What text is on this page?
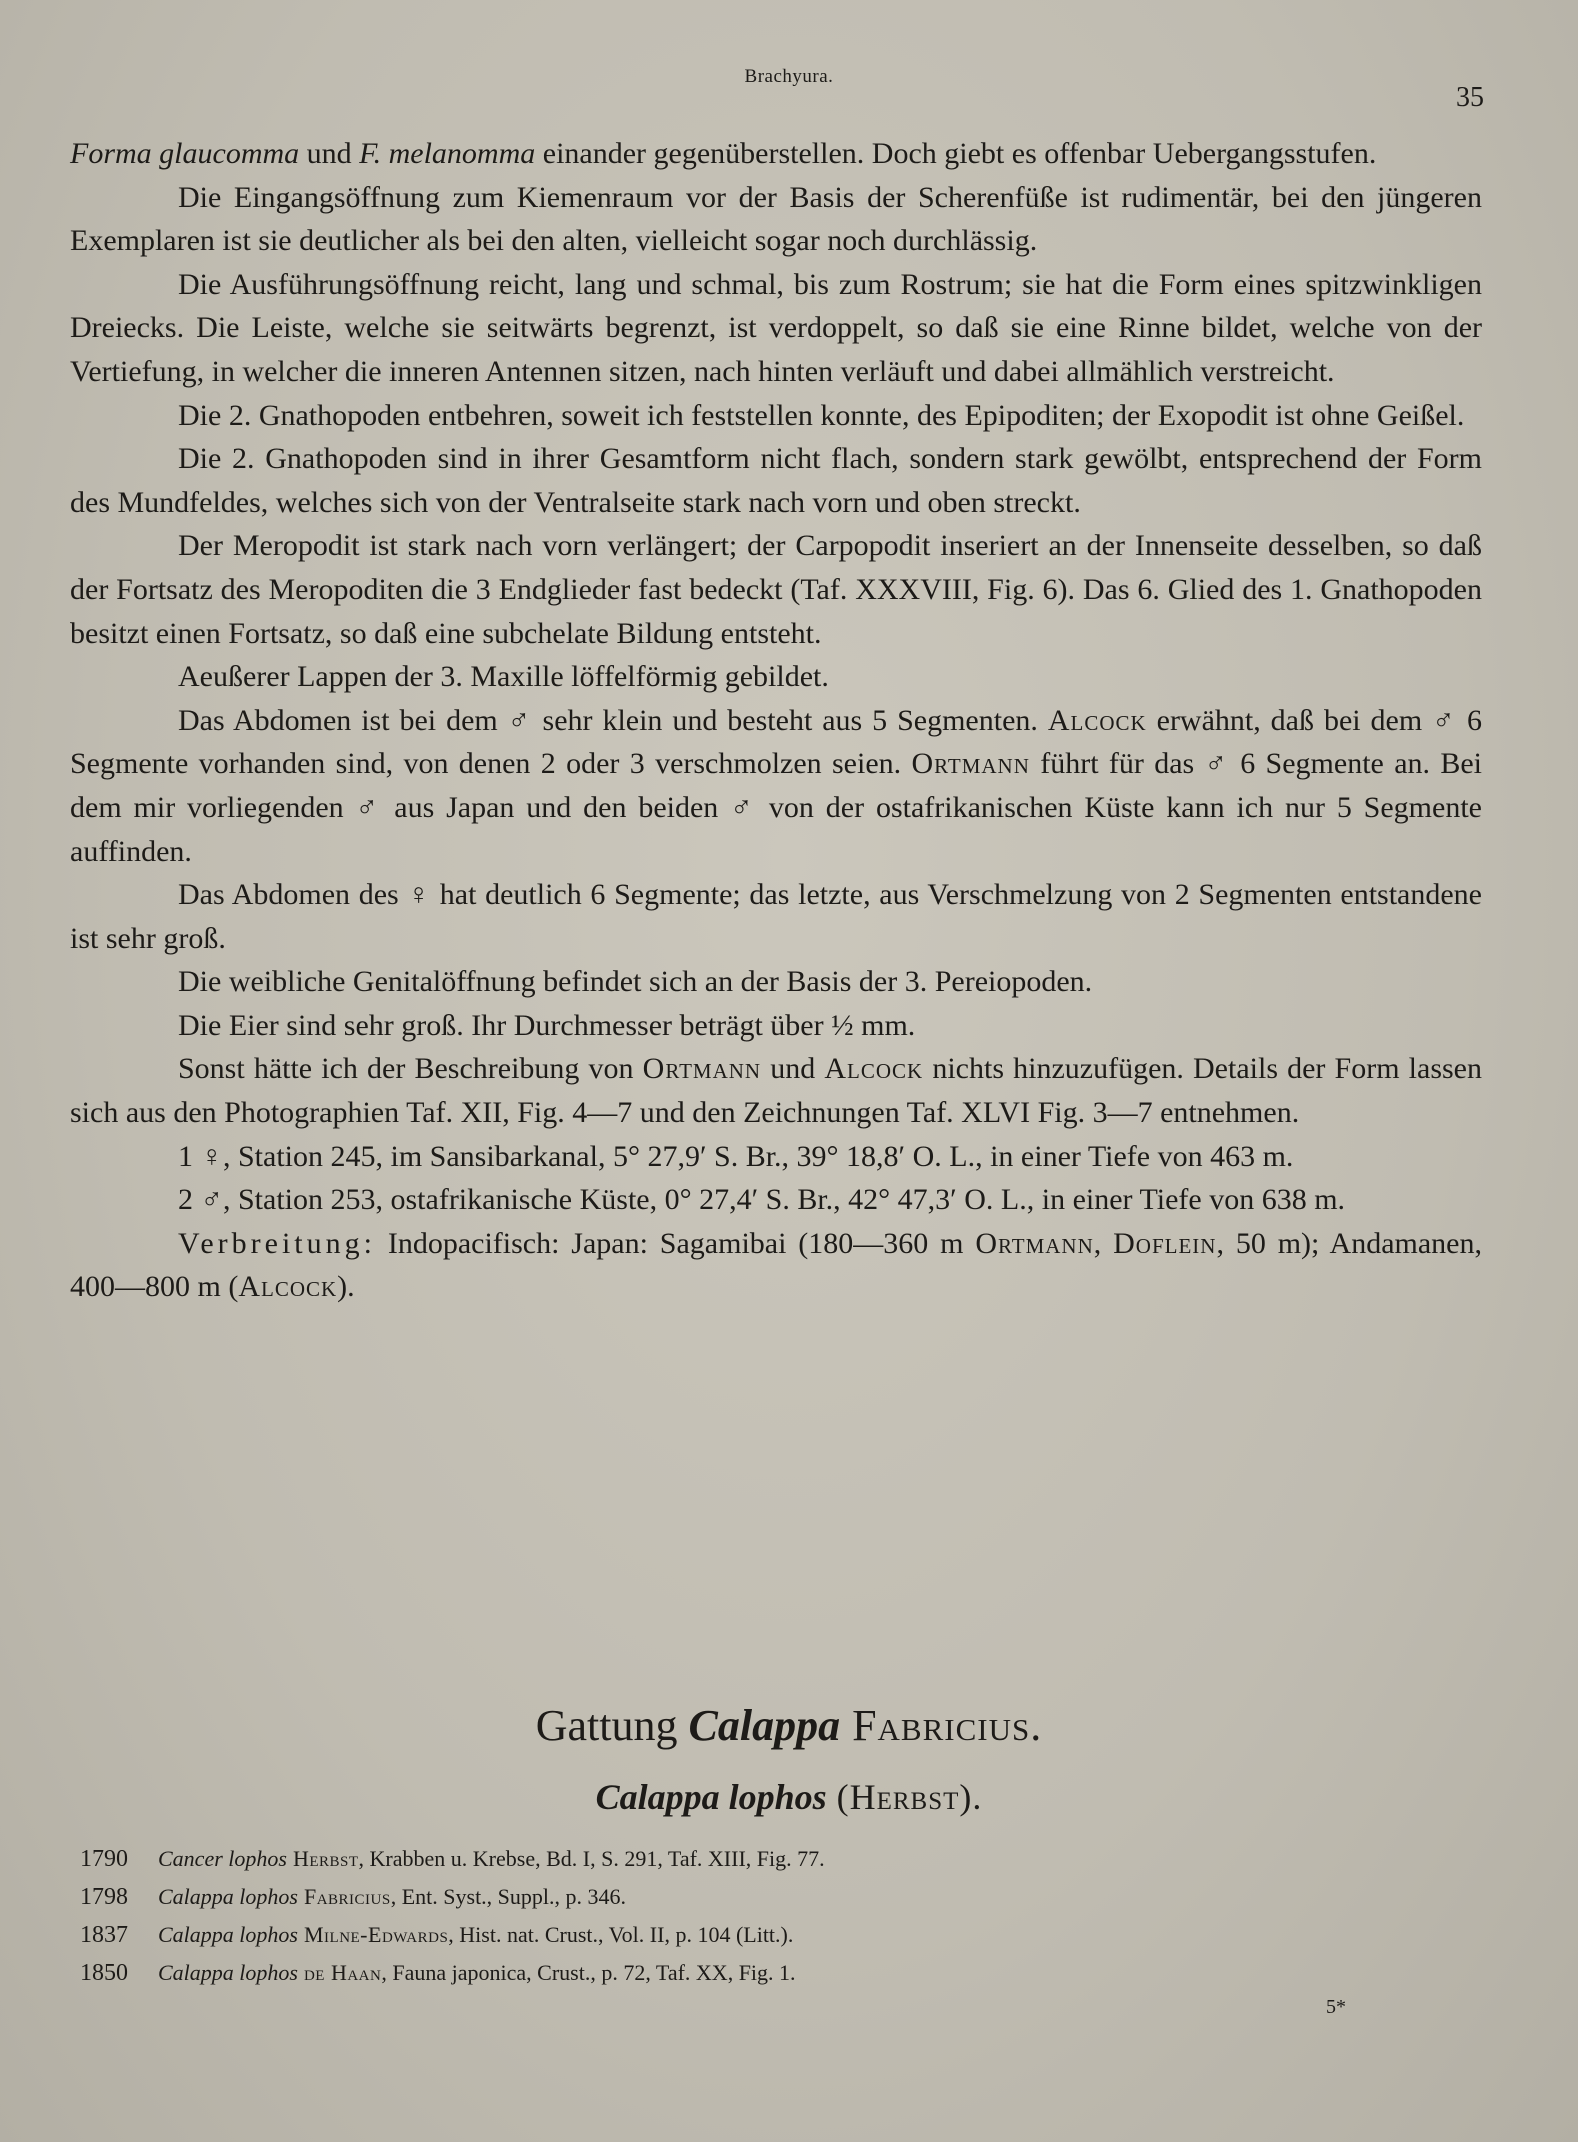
Brachyura.
35

Forma glaucomma und F. melanomma einander gegenüberstellen. Doch giebt es offenbar Uebergangsstufen.

Die Eingangsöffnung zum Kiemenraum vor der Basis der Scherenfüße ist rudimentär, bei den jüngeren Exemplaren ist sie deutlicher als bei den alten, vielleicht sogar noch durchlässig.

Die Ausführungsöffnung reicht, lang und schmal, bis zum Rostrum; sie hat die Form eines spitzwinkligen Dreiecks. Die Leiste, welche sie seitwärts begrenzt, ist verdoppelt, so daß sie eine Rinne bildet, welche von der Vertiefung, in welcher die inneren Antennen sitzen, nach hinten verläuft und dabei allmählich verstreicht.

Die 2. Gnathopoden entbehren, soweit ich feststellen konnte, des Epipoditen; der Exopodit ist ohne Geißel.

Die 2. Gnathopoden sind in ihrer Gesamtform nicht flach, sondern stark gewölbt, entsprechend der Form des Mundfeldes, welches sich von der Ventralseite stark nach vorn und oben streckt.

Der Meropodit ist stark nach vorn verlängert; der Carpopodit inseriert an der Innenseite desselben, so daß der Fortsatz des Meropoditen die 3 Endglieder fast bedeckt (Taf. XXXVIII, Fig. 6). Das 6. Glied des 1. Gnathopoden besitzt einen Fortsatz, so daß eine subchelate Bildung entsteht.

Aeußerer Lappen der 3. Maxille löffelförmig gebildet.

Das Abdomen ist bei dem ♂ sehr klein und besteht aus 5 Segmenten. Alcock erwähnt, daß bei dem ♂ 6 Segmente vorhanden sind, von denen 2 oder 3 verschmolzen seien. Ortmann führt für das ♂ 6 Segmente an. Bei dem mir vorliegenden ♂ aus Japan und den beiden ♂ von der ostafrikanischen Küste kann ich nur 5 Segmente auffinden.

Das Abdomen des ♀ hat deutlich 6 Segmente; das letzte, aus Verschmelzung von 2 Segmenten entstandene ist sehr groß.

Die weibliche Genitalöffnung befindet sich an der Basis der 3. Pereiopoden.

Die Eier sind sehr groß. Ihr Durchmesser beträgt über ½ mm.

Sonst hätte ich der Beschreibung von Ortmann und Alcock nichts hinzuzufügen. Details der Form lassen sich aus den Photographien Taf. XII, Fig. 4—7 und den Zeichnungen Taf. XLVI Fig. 3—7 entnehmen.

1 ♀, Station 245, im Sansibarkanal, 5° 27,9′ S. Br., 39° 18,8′ O. L., in einer Tiefe von 463 m.

2 ♂, Station 253, ostafrikanische Küste, 0° 27,4′ S. Br., 42° 47,3′ O. L., in einer Tiefe von 638 m.

Verbreitung: Indopacifisch: Japan: Sagamibai (180—360 m Ortmann, Doflein, 50 m); Andamanen, 400—800 m (Alcock).

Gattung Calappa Fabricius.
Calappa lophos (Herbst).
1790 Cancer lophos Herbst, Krabben u. Krebse, Bd. I, S. 291, Taf. XIII, Fig. 77.
1798 Calappa lophos Fabricius, Ent. Syst., Suppl., p. 346.
1837 Calappa lophos Milne-Edwards, Hist. nat. Crust., Vol. II, p. 104 (Litt.).
1850 Calappa lophos de Haan, Fauna japonica, Crust., p. 72, Taf. XX, Fig. 1.
5*
